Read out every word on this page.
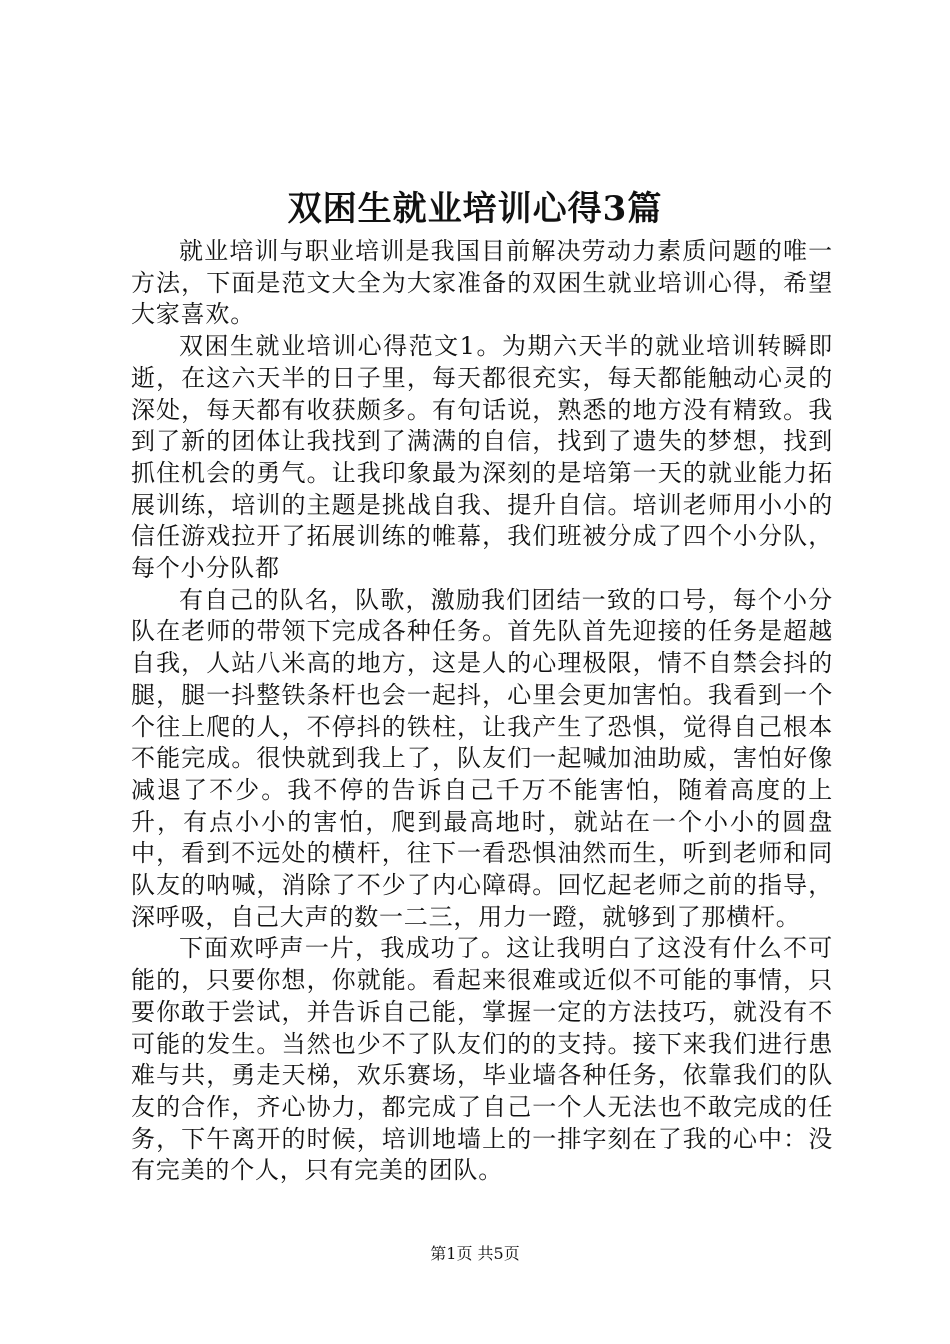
双困生就业培训心得3篇

就业培训与职业培训是我国目前解决劳动力素质问题的唯一方法，下面是范文大全为大家准备的双困生就业培训心得，希望大家喜欢。

双困生就业培训心得范文1。为期六天半的就业培训转瞬即逝，在这六天半的日子里，每天都很充实，每天都能触动心灵的深处，每天都有收获颇多。有句话说，熟悉的地方没有精致。我到了新的团体让我找到了满满的自信，找到了遗失的梦想，找到抓住机会的勇气。让我印象最为深刻的是培第一天的就业能力拓展训练，培训的主题是挑战自我、提升自信。培训老师用小小的信任游戏拉开了拓展训练的帷幕，我们班被分成了四个小分队，每个小分队都

有自己的队名，队歌，激励我们团结一致的口号，每个小分队在老师的带领下完成各种任务。首先队首先迎接的任务是超越自我，人站八米高的地方，这是人的心理极限，情不自禁会抖的腿，腿一抖整铁条杆也会一起抖，心里会更加害怕。我看到一个个往上爬的人，不停抖的铁柱，让我产生了恐惧，觉得自己根本不能完成。很快就到我上了，队友们一起喊加油助威，害怕好像减退了不少。我不停的告诉自己千万不能害怕，随着高度的上升，有点小小的害怕，爬到最高地时，就站在一个小小的圆盘中，看到不远处的横杆，往下一看恐惧油然而生，听到老师和同队友的呐喊，消除了不少了内心障碍。回忆起老师之前的指导，深呼吸，自己大声的数一二三，用力一蹬，就够到了那横杆。

下面欢呼声一片，我成功了。这让我明白了这没有什么不可能的，只要你想，你就能。看起来很难或近似不可能的事情，只要你敢于尝试，并告诉自己能，掌握一定的方法技巧，就没有不可能的发生。当然也少不了队友们的的支持。接下来我们进行患难与共，勇走天梯，欢乐赛场，毕业墙各种任务，依靠我们的队友的合作，齐心协力，都完成了自己一个人无法也不敢完成的任务，下午离开的时候，培训地墙上的一排字刻在了我的心中：没有完美的个人，只有完美的团队。

第1页 共5页
